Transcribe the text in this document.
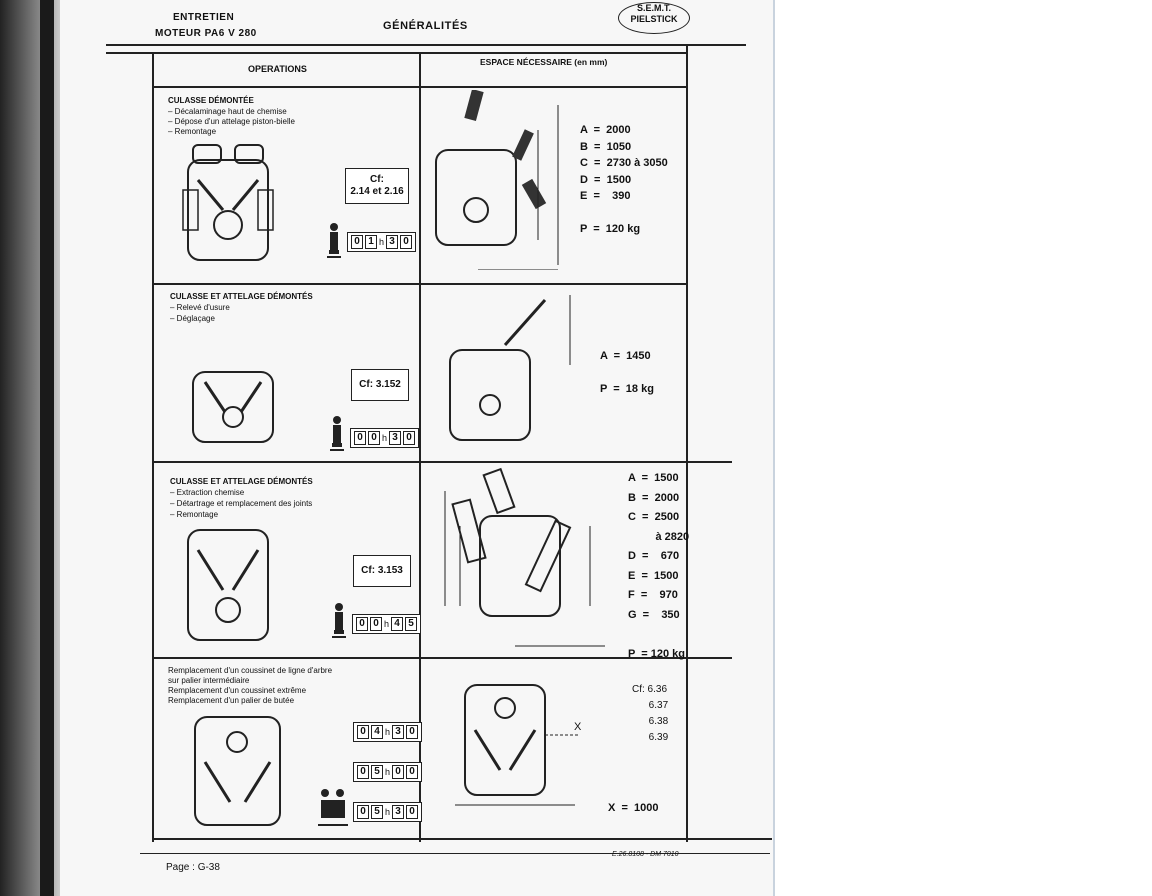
ENTRETIEN
MOTEUR PA6 V 280
GÉNÉRALITÉS
S.E.M.T.
PIELSTICK
OPERATIONS
ESPACE NÉCESSAIRE (en mm)
CULASSE DÉMONTÉE
– Décalaminage haut de chemise
– Dépose d'un attelage piston-bielle
– Remontage
Cf:
2.14 et 2.16
0 1 h 3 0
A  =  2000
B  =  1050
C  =  2730 à 3050
D  =  1500
E  =    390

P  =  120 kg
CULASSE ET ATTELAGE DÉMONTÉS
– Relevé d'usure
– Déglaçage
Cf: 3.152
0 0 h 3 0
A  =  1450

P  =  18 kg
CULASSE ET ATTELAGE DÉMONTÉS
– Extraction chemise
– Détartrage et remplacement des joints
– Remontage
Cf: 3.153
0 0 h 4 5
A  =  1500
B  =  2000
C  =  2500
à 2820
D  =    670
E  =  1500
F  =    970
G  =    350

P  = 120 kg
Remplacement d'un coussinet de ligne d'arbre
sur palier intermédiaire
Remplacement d'un coussinet extrême
Remplacement d'un palier de butée
0 4 h 3 0
0 5 h 0 0
0 5 h 3 0
X
Cf: 6.36
6.37
6.38
6.39
X  =  1000
Page : G-38
E.26.8108 - DM 7010
